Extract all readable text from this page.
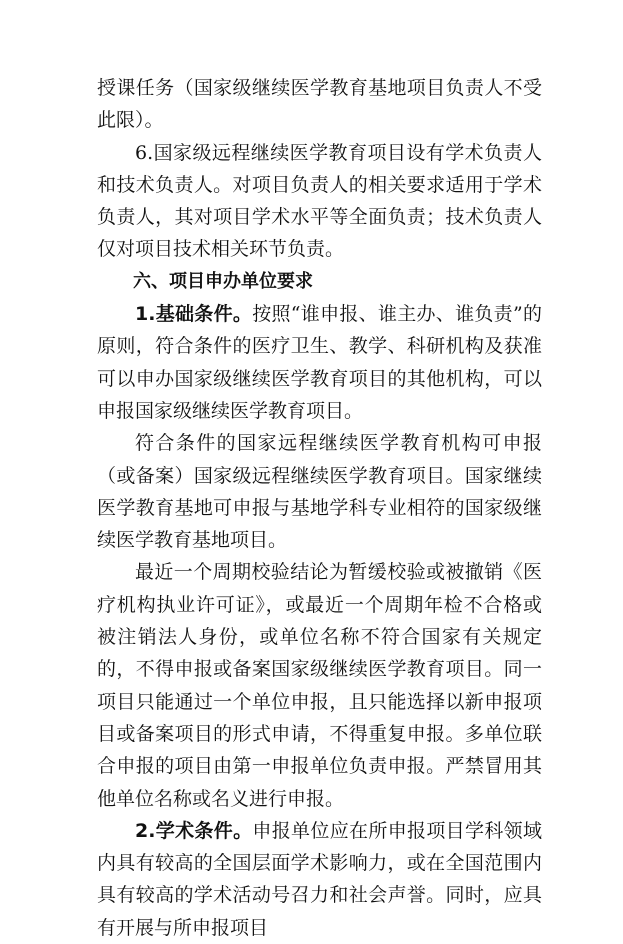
授课任务（国家级继续医学教育基地项目负责人不受此限）。

6.国家级远程继续医学教育项目设有学术负责人和技术负责人。对项目负责人的相关要求适用于学术负责人，其对项目学术水平等全面负责；技术负责人仅对项目技术相关环节负责。

六、项目申办单位要求

1.基础条件。按照“谁申报、谁主办、谁负责”的原则，符合条件的医疗卫生、教学、科研机构及获准可以申办国家级继续医学教育项目的其他机构，可以申报国家级继续医学教育项目。

符合条件的国家远程继续医学教育机构可申报（或备案）国家级远程继续医学教育项目。国家继续医学教育基地可申报与基地学科专业相符的国家级继续医学教育基地项目。

最近一个周期校验结论为暂缓校验或被撤销《医疗机构执业许可证》，或最近一个周期年检不合格或被注销法人身份，或单位名称不符合国家有关规定的，不得申报或备案国家级继续医学教育项目。同一项目只能通过一个单位申报，且只能选择以新申报项目或备案项目的形式申请，不得重复申报。多单位联合申报的项目由第一申报单位负责申报。严禁冒用其他单位名称或名义进行申报。

2.学术条件。申报单位应在所申报项目学科领域内具有较高的全国层面学术影响力，或在全国范围内具有较高的学术活动号召力和社会声誉。同时，应具有开展与所申报项目
